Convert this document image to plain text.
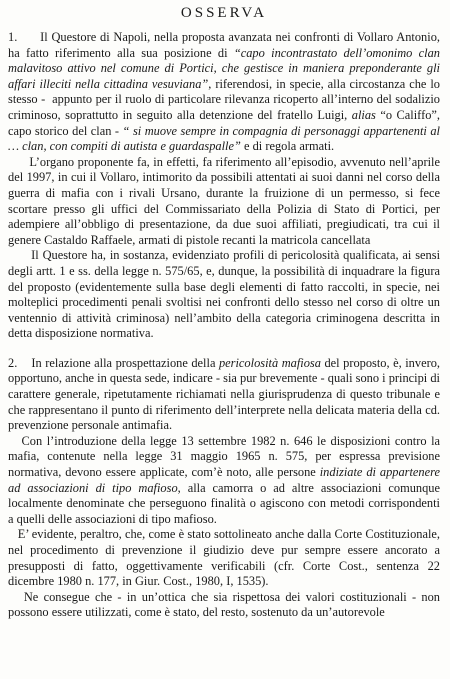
OSSERVA

1.      Il Questore di Napoli, nella proposta avanzata nei confronti di Vollaro Antonio, ha fatto riferimento alla sua posizione di “capo incontrastato dell’omonimo clan malavitoso attivo nel comune di Portici, che gestisce in maniera preponderante gli affari illeciti nella cittadina vesuviana”, riferendosi, in specie, alla circostanza che lo stesso -  appunto per il ruolo di particolare rilevanza ricoperto all’interno del sodalizio criminoso, soprattutto in seguito alla detenzione del fratello Luigi, alias “o Califfo”, capo storico del clan - “ si muove sempre in compagnia di personaggi appartenenti al … clan, con compiti di autista e guardaspalle” e di regola armati.

L’organo proponente fa, in effetti, fa riferimento all’episodio, avvenuto nell’aprile del 1997, in cui il Vollaro, intimorito da possibili attentati ai suoi danni nel corso della guerra di mafia con i rivali Ursano, durante la fruizione di un permesso, si fece scortare presso gli uffici del Commissariato della Polizia di Stato di Portici, per adempiere all’obbligo di presentazione, da due suoi affiliati, pregiudicati, tra cui il genere Castaldo Raffaele, armati di pistole recanti la matricola cancellata

Il Questore ha, in sostanza, evidenziato profili di pericolosità qualificata, ai sensi degli artt. 1 e ss. della legge n. 575/65, e, dunque, la possibilità di inquadrare la figura del proposto (evidentemente sulla base degli elementi di fatto raccolti, in specie, nei molteplici procedimenti penali svoltisi nei confronti dello stesso nel corso di oltre un ventennio di attività criminosa) nell’ambito della categoria criminogena descritta in detta disposizione normativa.

2.    In relazione alla prospettazione della pericolosità mafiosa del proposto, è, invero, opportuno, anche in questa sede, indicare - sia pur brevemente - quali sono i principi di carattere generale, ripetutamente richiamati nella giurisprudenza di questo tribunale e che rappresentano il punto di riferimento dell’interprete nella delicata materia della cd. prevenzione personale antimafia.

Con l’introduzione della legge 13 settembre 1982 n. 646 le disposizioni contro la mafia, contenute nella legge 31 maggio 1965 n. 575, per espressa previsione normativa, devono essere applicate, com’è noto, alle persone indiziate di appartenere ad associazioni di tipo mafioso, alla camorra o ad altre associazioni comunque localmente denominate che perseguono finalità o agiscono con metodi corrispondenti a quelli delle associazioni di tipo mafioso.

E’ evidente, peraltro, che, come è stato sottolineato anche dalla Corte Costituzionale, nel procedimento di prevenzione il giudizio deve pur sempre essere ancorato a presupposti di fatto, oggettivamente verificabili (cfr. Corte Cost., sentenza 22 dicembre 1980 n. 177, in Giur. Cost., 1980, I, 1535).

Ne consegue che - in un’ottica che sia rispettosa dei valori costituzionali - non possono essere utilizzati, come è stato, del resto, sostenuto da un’autorevole
